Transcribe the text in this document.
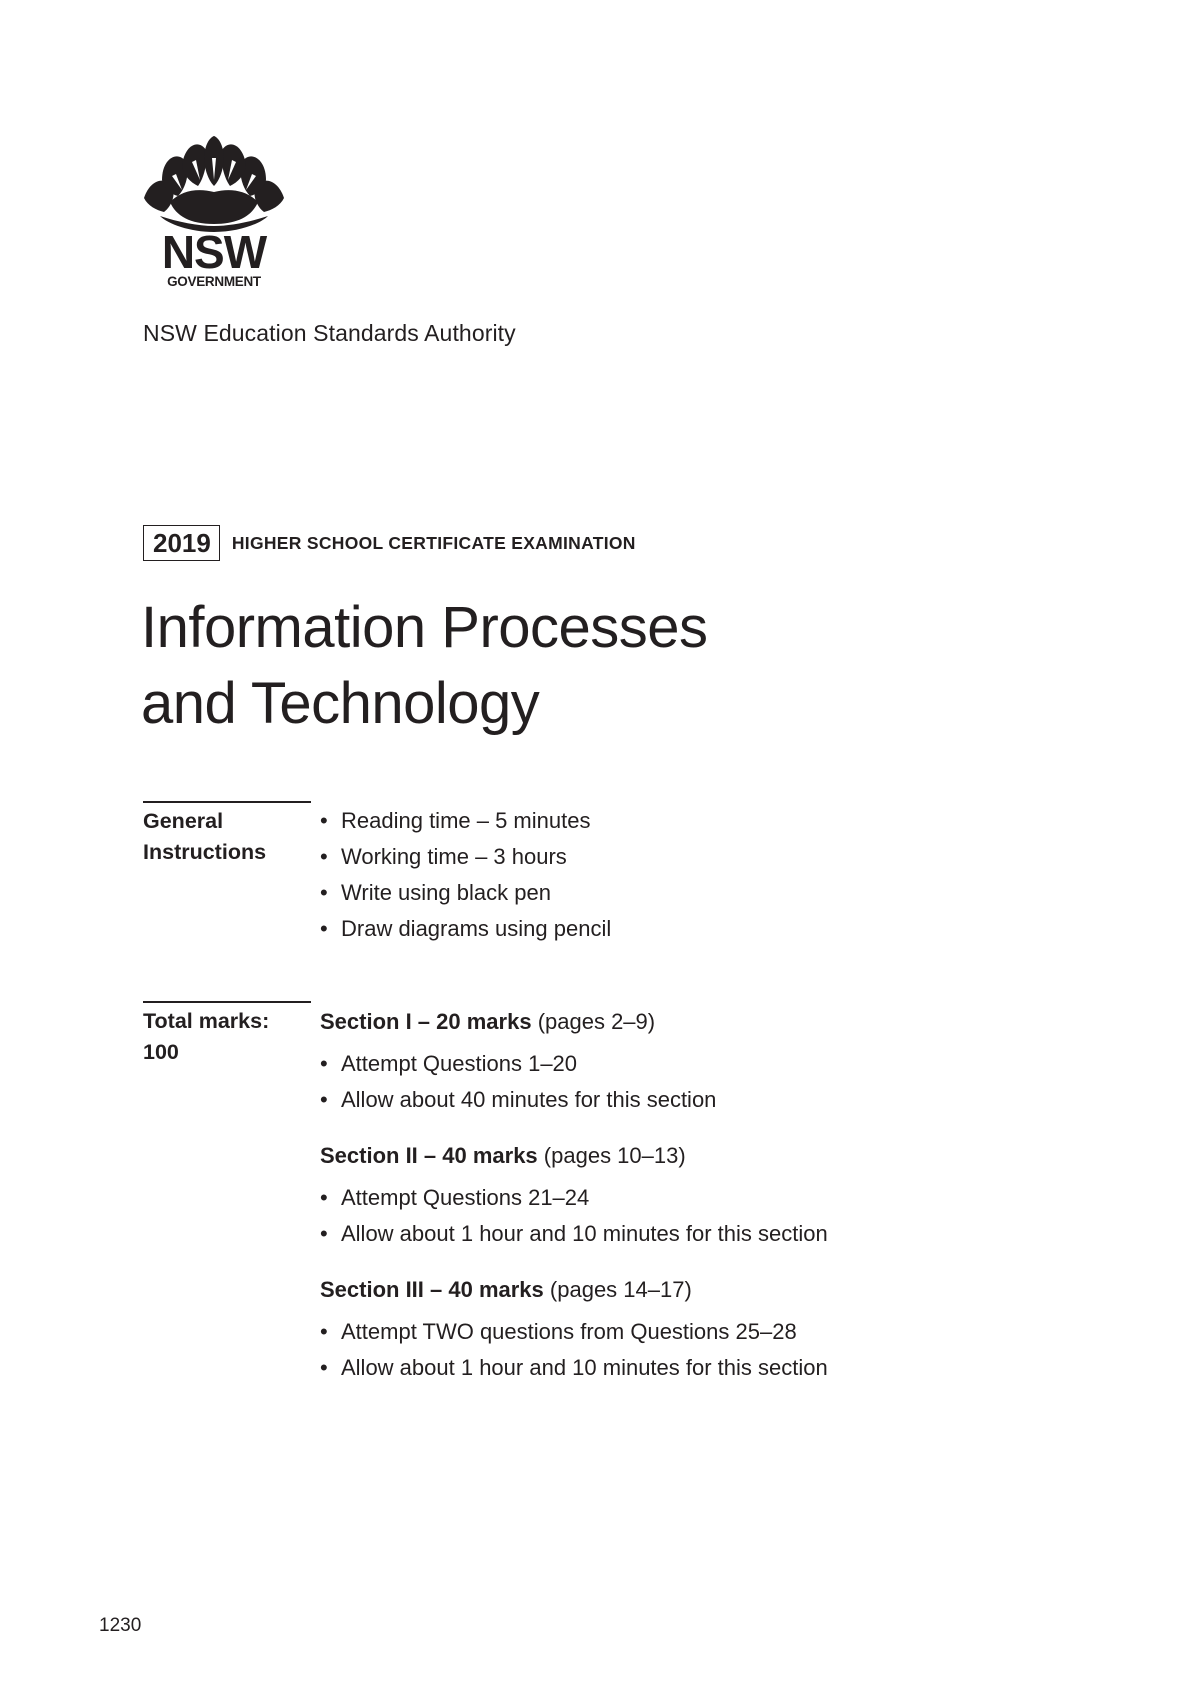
NSW
GOVERNMENT
NSW Education Standards Authority
2019	HIGHER SCHOOL CERTIFICATE EXAMINATION
Information Processes
and Technology
General
Instructions
• Reading time – 5 minutes
• Working time – 3 hours
• Write using black pen
• Draw diagrams using pencil
Total marks:
100
Section I – 20 marks (pages 2–9)
• Attempt Questions 1–20
• Allow about 40 minutes for this section
Section II – 40 marks (pages 10–13)
• Attempt Questions 21–24
• Allow about 1 hour and 10 minutes for this section
Section III – 40 marks (pages 14–17)
• Attempt TWO questions from Questions 25–28
• Allow about 1 hour and 10 minutes for this section
1230
